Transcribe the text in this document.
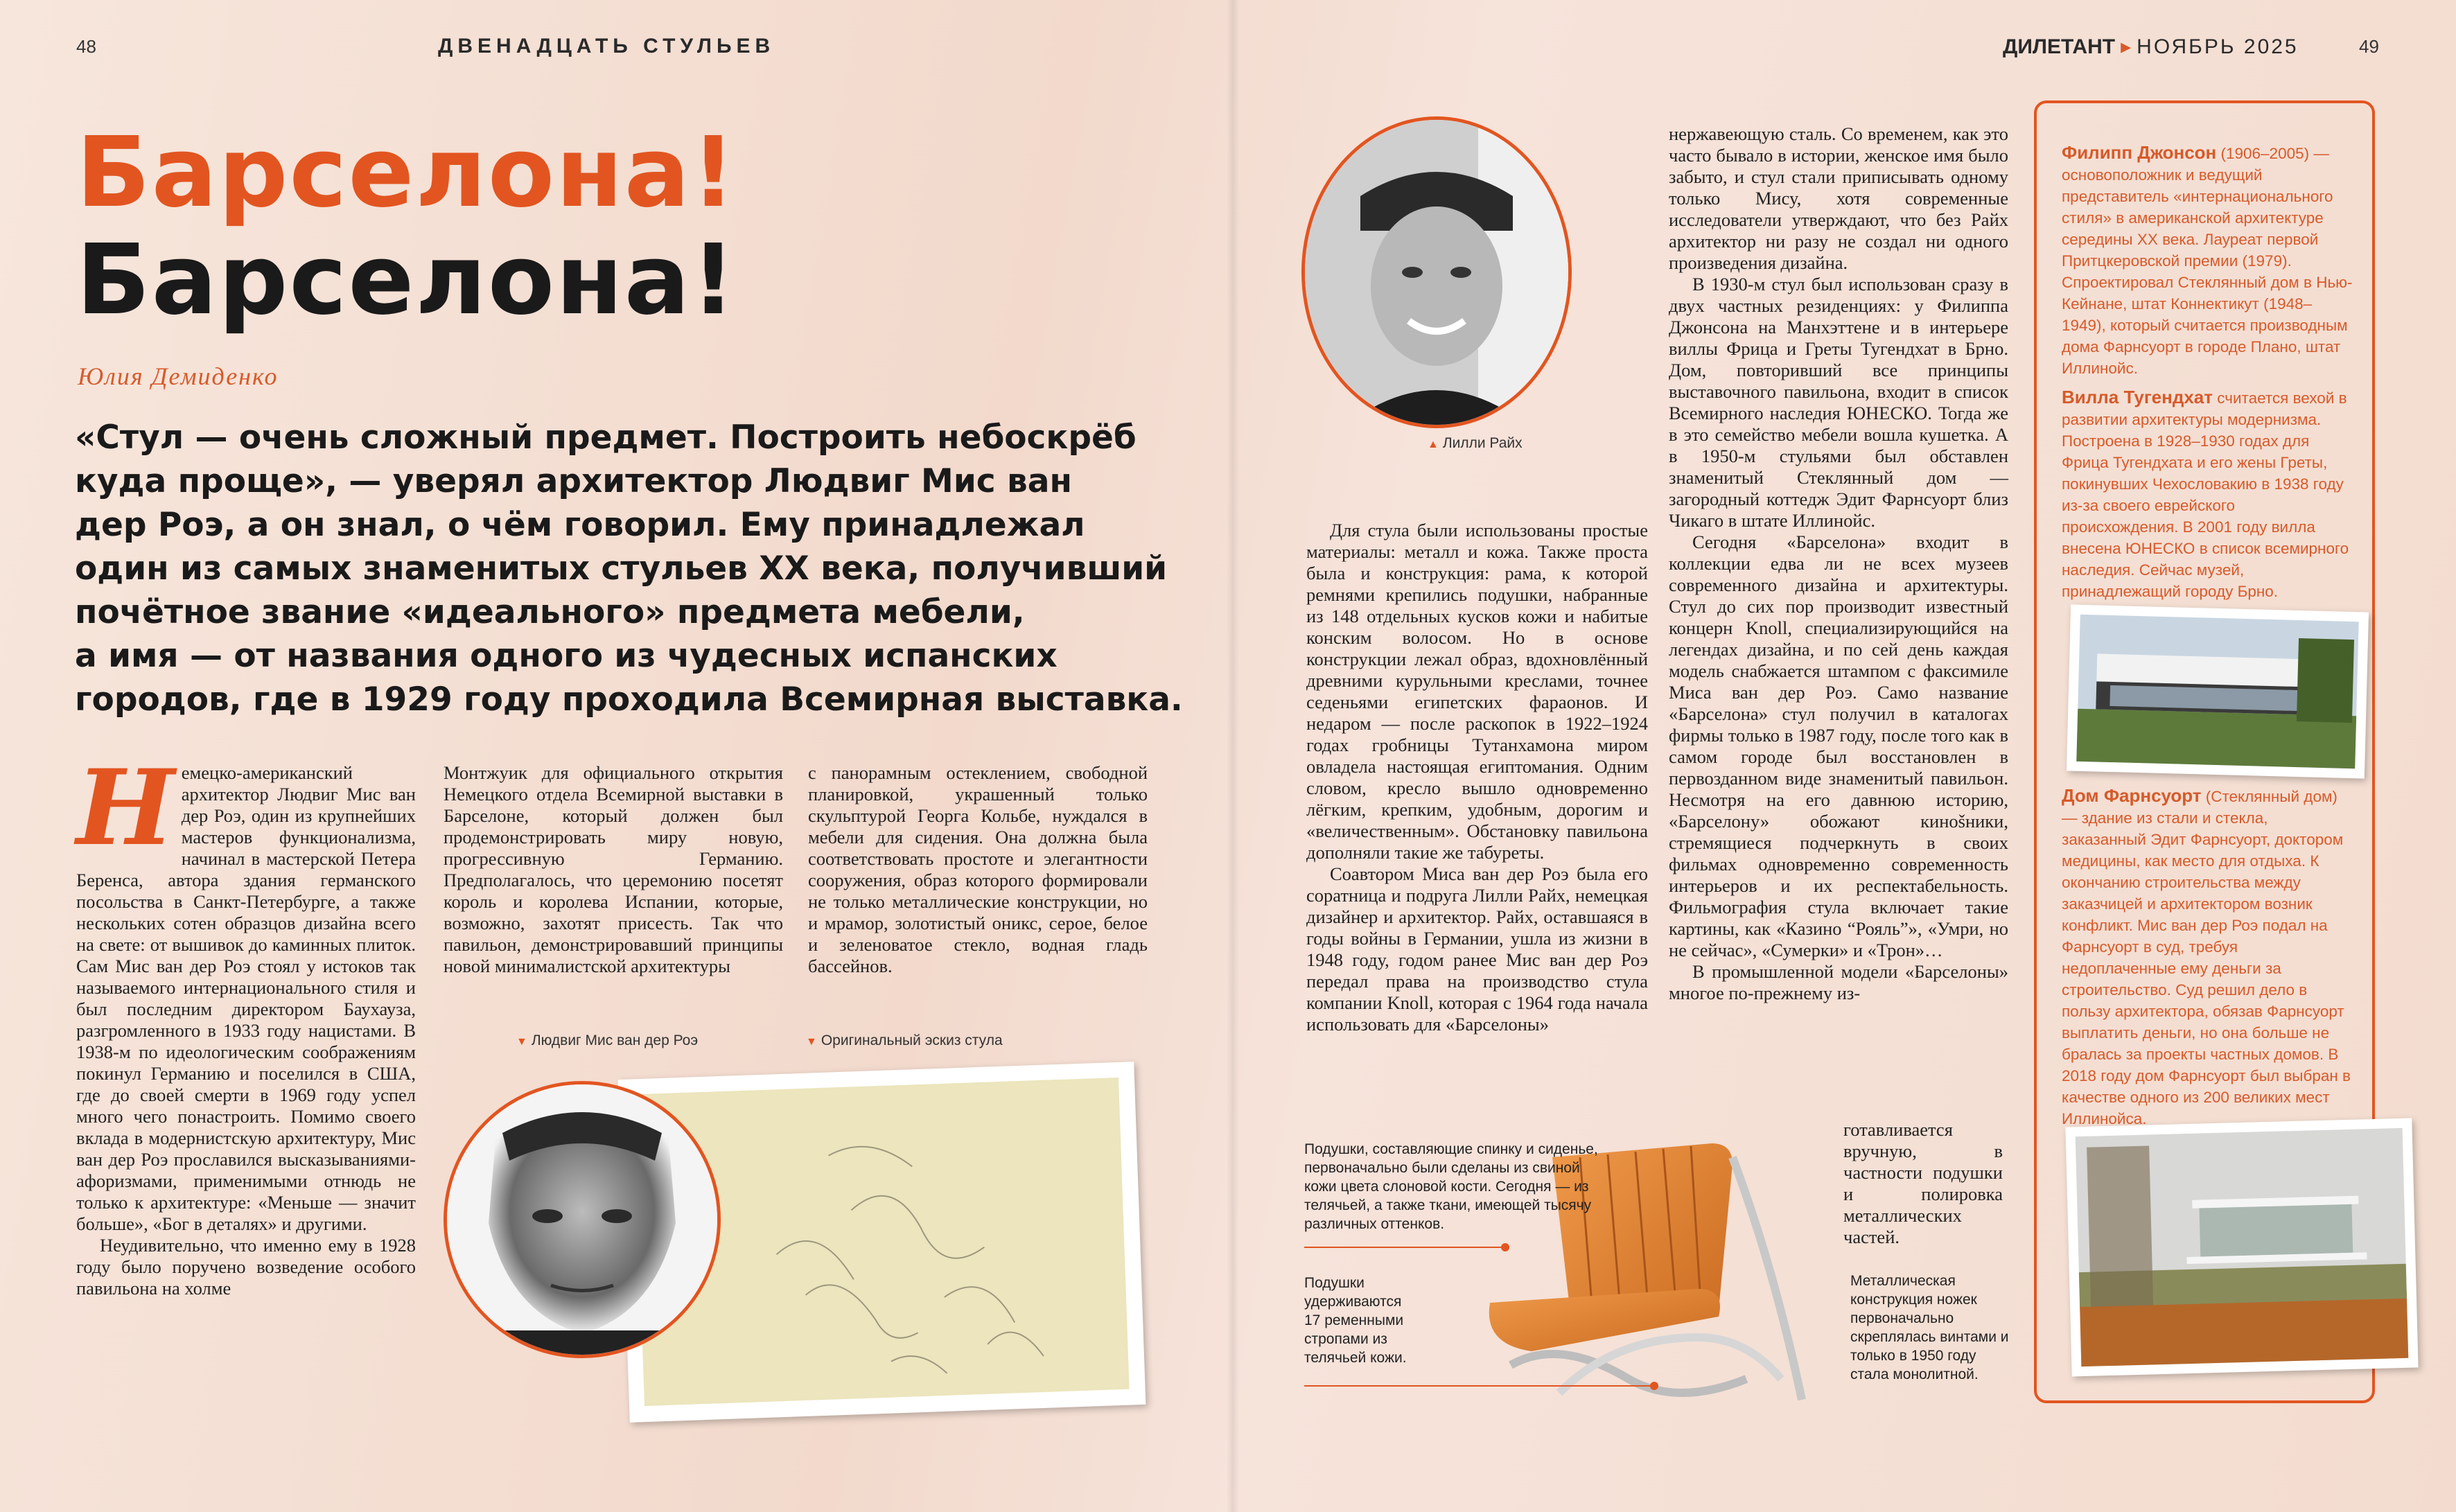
48	ДВЕНАДЦАТЬ СТУЛЬЕВ	ДИЛЕТАНТ ▸ НОЯБРЬ 2025	49
Барселона!
Барселона!
Юлия Демиденко
«Стул — очень сложный предмет. Построить небоскрёб
куда проще», — уверял архитектор Людвиг Мис ван
дер Роэ, а он знал, о чём говорил. Ему принадлежал
один из самых знаменитых стульев XX века, получивший
почётное звание «идеального» предмета мебели,
а имя — от названия одного из чудесных испанских
городов, где в 1929 году проходила Всемирная выставка.
Н емецко-американский архитектор Людвиг Мис ван дер Роэ, один из крупнейших мастеров функционализма, начинал в мастерской Петера Беренса, автора здания германского посольства в Санкт-Петербурге, а также нескольких сотен образцов дизайна всего на свете: от вышивок до каминных плиток. Сам Мис ван дер Роэ стоял у истоков так называемого интернационального стиля и был последним директором Баухауза, разгромленного в 1933 году нацистами. В 1938-м по идеологическим соображениям покинул Германию и поселился в США, где до своей смерти в 1969 году успел много чего понастроить. Помимо своего вклада в модернистскую архитектуру, Мис ван дер Роэ прославился высказываниями-афоризмами, применимыми отнюдь не только к архитектуре: «Меньше — значит больше», «Бог в деталях» и другими.

Неудивительно, что именно ему в 1928 году было поручено возведение особого павильона на холме

Монтжуик для официального открытия Немецкого отдела Всемирной выставки в Барселоне, который должен был продемонстрировать миру новую, прогрессивную Германию. Предполагалось, что церемонию посетят король и королева Испании, которые, возможно, захотят присесть. Так что павильон, демонстрировавший принципы новой минималистской архитектуры

с панорамным остеклением, свободной планировкой, украшенный только скульптурой Георга Кольбе, нуждался в мебели для сидения. Она должна была соответствовать простоте и элегантности сооружения, образ которого формировали не только металлические конструкции, но и мрамор, золотистый оникс, серое, белое и зеленоватое стекло, водная гладь бассейнов.

▼ Людвиг Мис ван дер Роэ	▼ Оригинальный эскиз стула
▲ Лилли Райх

Для стула были использованы простые материалы: металл и кожа. Также проста была и конструкция: рама, к которой ремнями крепились подушки, набранные из 148 отдельных кусков кожи и набитые конским волосом. Но в основе конструкции лежал образ, вдохновлённый древними курульными креслами, точнее седеньями египетских фараонов. И недаром — после раскопок в 1922–1924 годах гробницы Тутанхамона миром овладела настоящая египтомания. Одним словом, кресло вышло одновременно лёгким, крепким, удобным, дорогим и «величественным». Обстановку павильона дополняли такие же табуреты.

Соавтором Миса ван дер Роэ была его соратница и подруга Лилли Райх, немецкая дизайнер и архитектор. Райх, оставшаяся в годы войны в Германии, ушла из жизни в 1948 году, годом ранее Мис ван дер Роэ передал права на производство стула компании Knoll, которая с 1964 года начала использовать для «Барселоны»

нержавеющую сталь. Со временем, как это часто бывало в истории, женское имя было забыто, и стул стали приписывать одному только Мису, хотя современные исследователи утверждают, что без Райх архитектор ни разу не создал ни одного произведения дизайна.

В 1930-м стул был использован сразу в двух частных резиденциях: у Филиппа Джонсона на Манхэттене и в интерьере виллы Фрица и Греты Тугендхат в Брно. Дом, повторивший все принципы выставочного павильона, входит в список Всемирного наследия ЮНЕСКО. Тогда же в это семейство мебели вошла кушетка. А в 1950-м стульями был обставлен знаменитый Стеклянный дом — загородный коттедж Эдит Фарнсуорт близ Чикаго в штате Иллинойс.

Сегодня «Барселона» входит в коллекции едва ли не всех музеев современного дизайна и архитектуры. Стул до сих пор производит известный концерн Knoll, специализирующийся на легендах дизайна, и по сей день каждая модель снабжается штампом с факсимиле Миса ван дер Роэ. Само название «Барселона» стул получил в каталогах фирмы только в 1987 году, после того как в самом городе был восстановлен в первозданном виде знаменитый павильон. Несмотря на его давнюю историю, «Барселону» обожают кинošники, стремящиеся подчеркнуть в своих фильмах одновременно современность интерьеров и их респектабельность. Фильмография стула включает такие картины, как «Казино “Рояль”», «Умри, но не сейчас», «Сумерки» и «Трон»…

В промышленной модели «Барселоны» многое по-прежнему из-

готавливается вручную, в частности подушки и полировка металлических частей.

Подушки, составляющие спинку и сиденье, первоначально были сделаны из свиной кожи цвета слоновой кости. Сегодня — из телячьей, а также ткани, имеющей тысячу различных оттенков.
Подушки удерживаются 17 ременными стропами из телячьей кожи.
Металлическая конструкция ножек первоначально скреплялась винтами и только в 1950 году стала монолитной.
Филипп Джонсон (1906–2005) — основоположник и ведущий представитель «интернационального стиля» в американской архитектуре середины XX века. Лауреат первой Притцкеровской премии (1979). Спроектировал Стеклянный дом в Нью-Кейнане, штат Коннектикут (1948–1949), который считается производным дома Фарнсуорт в городе Плано, штат Иллинойс.
Вилла Тугендхат считается вехой в развитии архитектуры модернизма. Построена в 1928–1930 годах для Фрица Тугендхата и его жены Греты, покинувших Чехословакию в 1938 году из-за своего еврейского происхождения. В 2001 году вилла внесена ЮНЕСКО в список всемирного наследия. Сейчас музей, принадлежащий городу Брно.
Дом Фарнсуорт (Стеклянный дом) — здание из стали и стекла, заказанный Эдит Фарнсуорт, доктором медицины, как место для отдыха. К окончанию строительства между заказчицей и архитектором возник конфликт. Мис ван дер Роэ подал на Фарнсуорт в суд, требуя недоплаченные ему деньги за строительство. Суд решил дело в пользу архитектора, обязав Фарнсуорт выплатить деньги, но она больше не бралась за проекты частных домов. В 2018 году дом Фарнсуорт был выбран в качестве одного из 200 великих мест Иллинойса.
